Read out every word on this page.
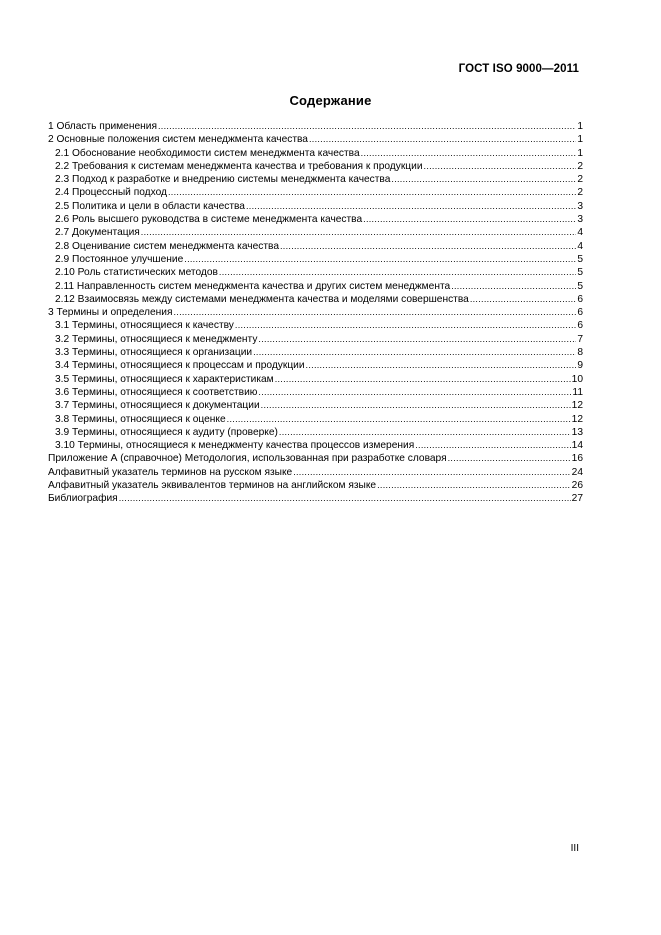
ГОСТ ISO 9000—2011
Содержание
1 Область применения .....	1
2 Основные положения систем менеджмента качества .....	1
2.1 Обоснование необходимости систем менеджмента качества .....	1
2.2 Требования к системам менеджмента качества и требования к продукции .....	2
2.3 Подход к разработке и внедрению системы менеджмента качества .....	2
2.4 Процессный подход .....	2
2.5 Политика и цели в области качества .....	3
2.6 Роль высшего руководства в системе менеджмента качества .....	3
2.7 Документация .....	4
2.8 Оценивание систем менеджмента качества .....	4
2.9 Постоянное улучшение .....	5
2.10 Роль статистических методов .....	5
2.11 Направленность систем менеджмента качества и других систем менеджмента .....	5
2.12 Взаимосвязь между системами менеджмента качества и моделями совершенства .....	6
3 Термины и определения .....	6
3.1 Термины, относящиеся к качеству .....	6
3.2 Термины, относящиеся к менеджменту .....	7
3.3 Термины, относящиеся к организации .....	8
3.4 Термины, относящиеся к процессам и продукции .....	9
3.5 Термины, относящиеся к характеристикам .....	10
3.6 Термины, относящиеся к соответствию .....	11
3.7 Термины, относящиеся к документации .....	12
3.8 Термины, относящиеся к оценке .....	12
3.9 Термины, относящиеся к аудиту (проверке) .....	13
3.10 Термины, относящиеся к менеджменту качества процессов измерения .....	14
Приложение А (справочное) Методология, использованная при разработке словаря .....	16
Алфавитный указатель терминов на русском языке .....	24
Алфавитный указатель эквивалентов терминов на английском языке .....	26
Библиография .....	27
III
